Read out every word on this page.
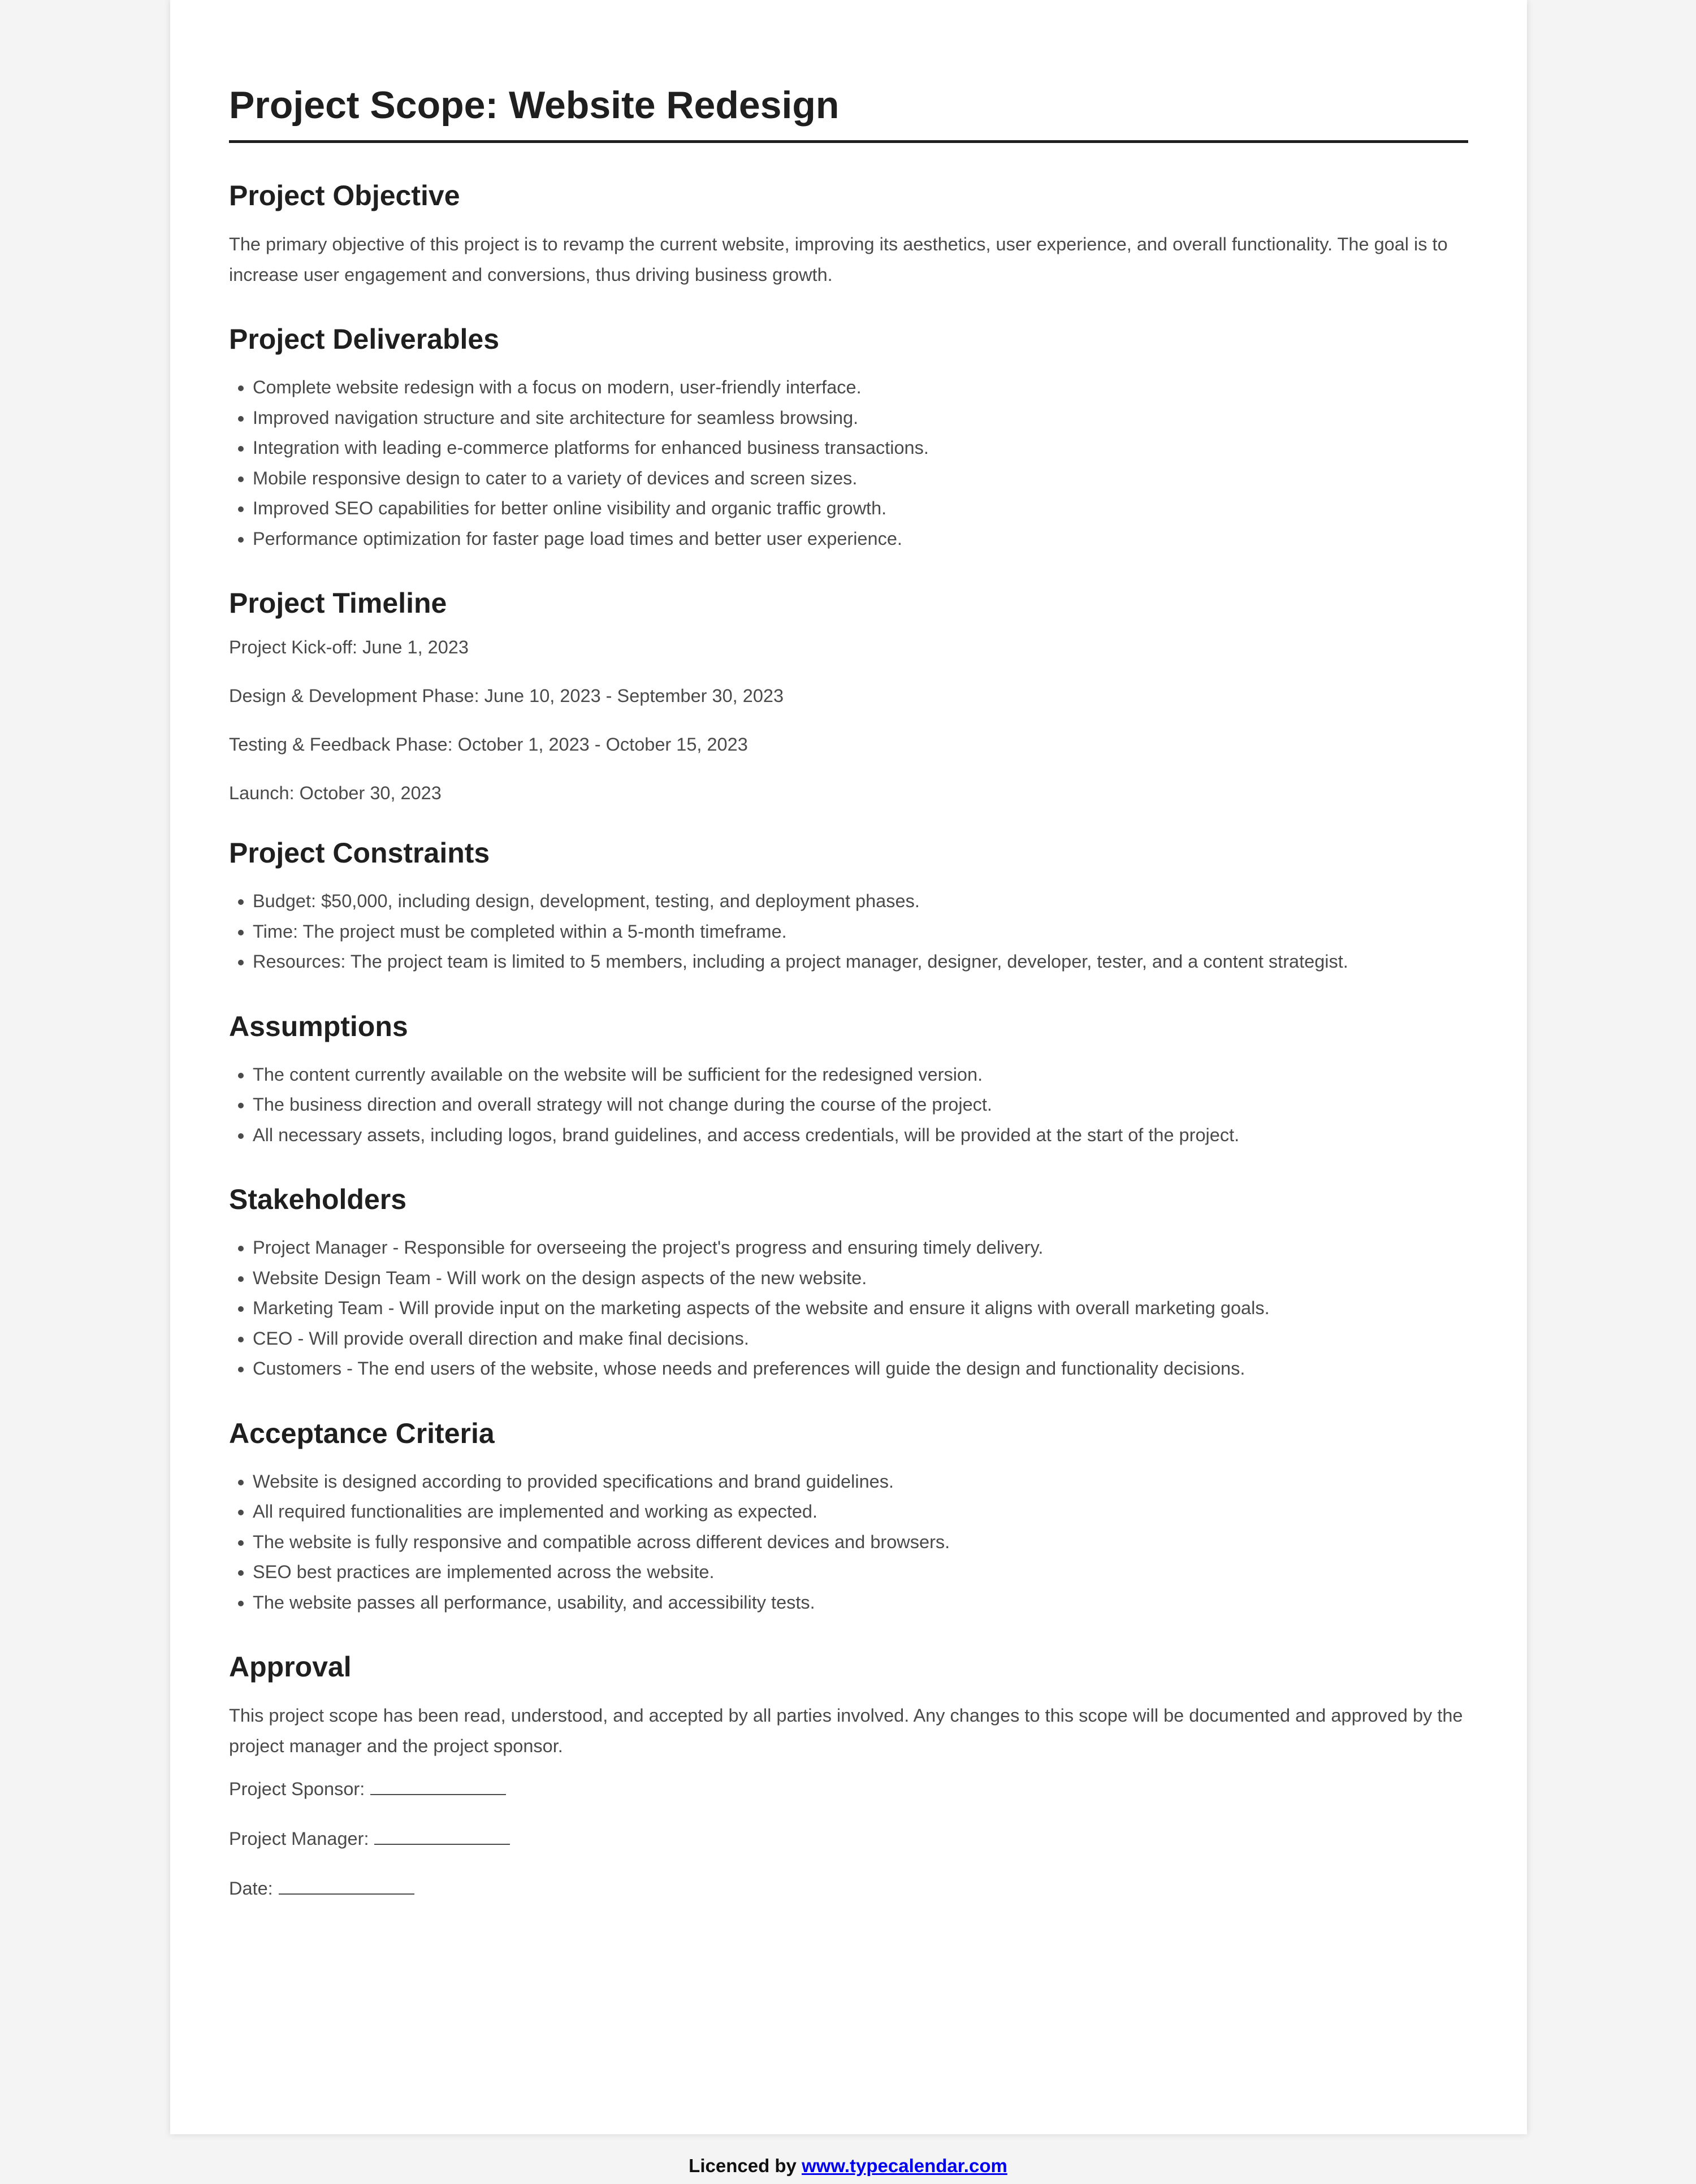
Project Scope: Website Redesign
Project Objective

The primary objective of this project is to revamp the current website, improving its aesthetics, user experience, and overall functionality. The goal is to increase user engagement and conversions, thus driving business growth.

Project Deliverables
• Complete website redesign with a focus on modern, user-friendly interface.
• Improved navigation structure and site architecture for seamless browsing.
• Integration with leading e-commerce platforms for enhanced business transactions.
• Mobile responsive design to cater to a variety of devices and screen sizes.
• Improved SEO capabilities for better online visibility and organic traffic growth.
• Performance optimization for faster page load times and better user experience.
Project Timeline

Project Kick-off: June 1, 2023

Design & Development Phase: June 10, 2023 - September 30, 2023

Testing & Feedback Phase: October 1, 2023 - October 15, 2023

Launch: October 30, 2023

Project Constraints
• Budget: $50,000, including design, development, testing, and deployment phases.
• Time: The project must be completed within a 5-month timeframe.
• Resources: The project team is limited to 5 members, including a project manager, designer, developer, tester, and a content strategist.
Assumptions
• The content currently available on the website will be sufficient for the redesigned version.
• The business direction and overall strategy will not change during the course of the project.
• All necessary assets, including logos, brand guidelines, and access credentials, will be provided at the start of the project.
Stakeholders
• Project Manager - Responsible for overseeing the project's progress and ensuring timely delivery.
• Website Design Team - Will work on the design aspects of the new website.
• Marketing Team - Will provide input on the marketing aspects of the website and ensure it aligns with overall marketing goals.
• CEO - Will provide overall direction and make final decisions.
• Customers - The end users of the website, whose needs and preferences will guide the design and functionality decisions.
Acceptance Criteria
• Website is designed according to provided specifications and brand guidelines.
• All required functionalities are implemented and working as expected.
• The website is fully responsive and compatible across different devices and browsers.
• SEO best practices are implemented across the website.
• The website passes all performance, usability, and accessibility tests.
Approval

This project scope has been read, understood, and accepted by all parties involved. Any changes to this scope will be documented and approved by the project manager and the project sponsor.

Project Sponsor:

Project Manager:

Date:

Licenced by www.typecalendar.com
